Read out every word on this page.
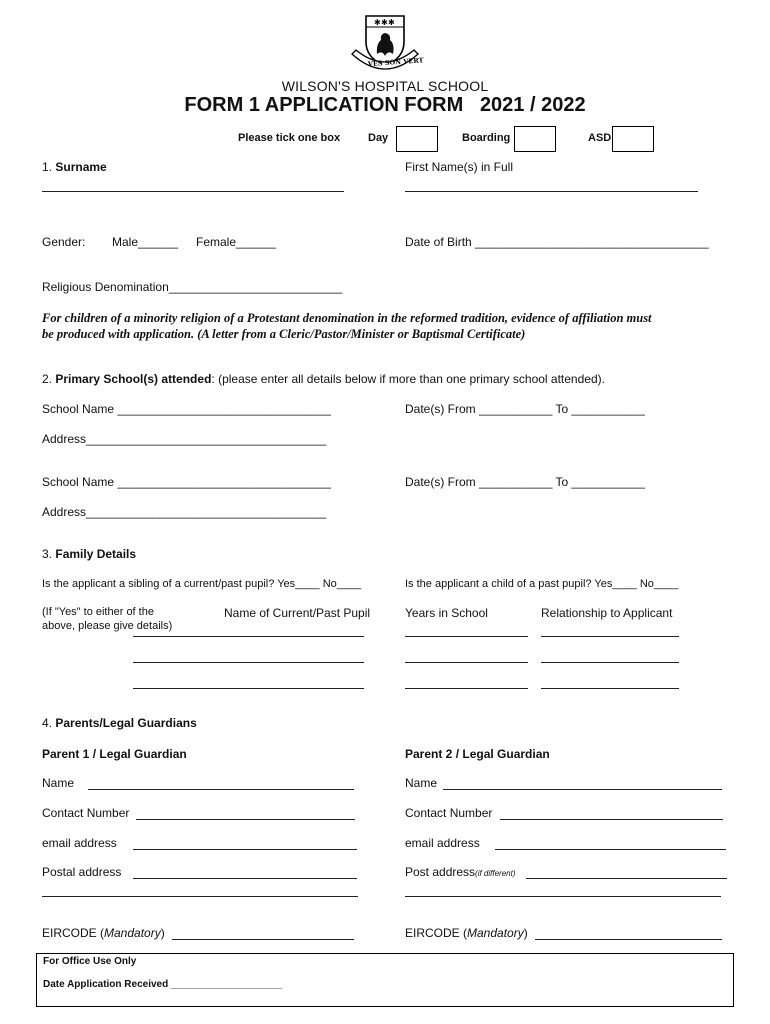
✱ ✱ ✱
VES SON VERTE
WILSON'S HOSPITAL SCHOOL
FORM 1 APPLICATION FORM   2021 / 2022
Please tick one box	Day	Boarding	ASD
1. Surname	First Name(s) in Full
Gender: Male______ Female______	Date of Birth ___________________________________
Religious Denomination__________________________
For children of a minority religion of a Protestant denomination in the reformed tradition, evidence of affiliation must
be produced with application. (A letter from a Cleric/Pastor/Minister or Baptismal Certificate)
2. Primary School(s) attended: (please enter all details below if more than one primary school attended).
School Name ________________________________	Date(s) From ___________ To ___________
Address____________________________________
School Name ________________________________	Date(s) From ___________ To ___________
Address____________________________________
3. Family Details
Is the applicant a sibling of a current/past pupil? Yes____ No____	Is the applicant a child of a past pupil? Yes____ No____
(If "Yes" to either of the
above, please give details)
Name of Current/Past Pupil	Years in School	Relationship to Applicant
4. Parents/Legal Guardians
Parent 1 / Legal Guardian	Parent 2 / Legal Guardian
Name	Name
Contact Number	Contact Number
email address	email address
Postal address	Post address(if different)
EIRCODE (Mandatory)	EIRCODE (Mandatory)
For Office Use Only
Date Application Received ____________________
